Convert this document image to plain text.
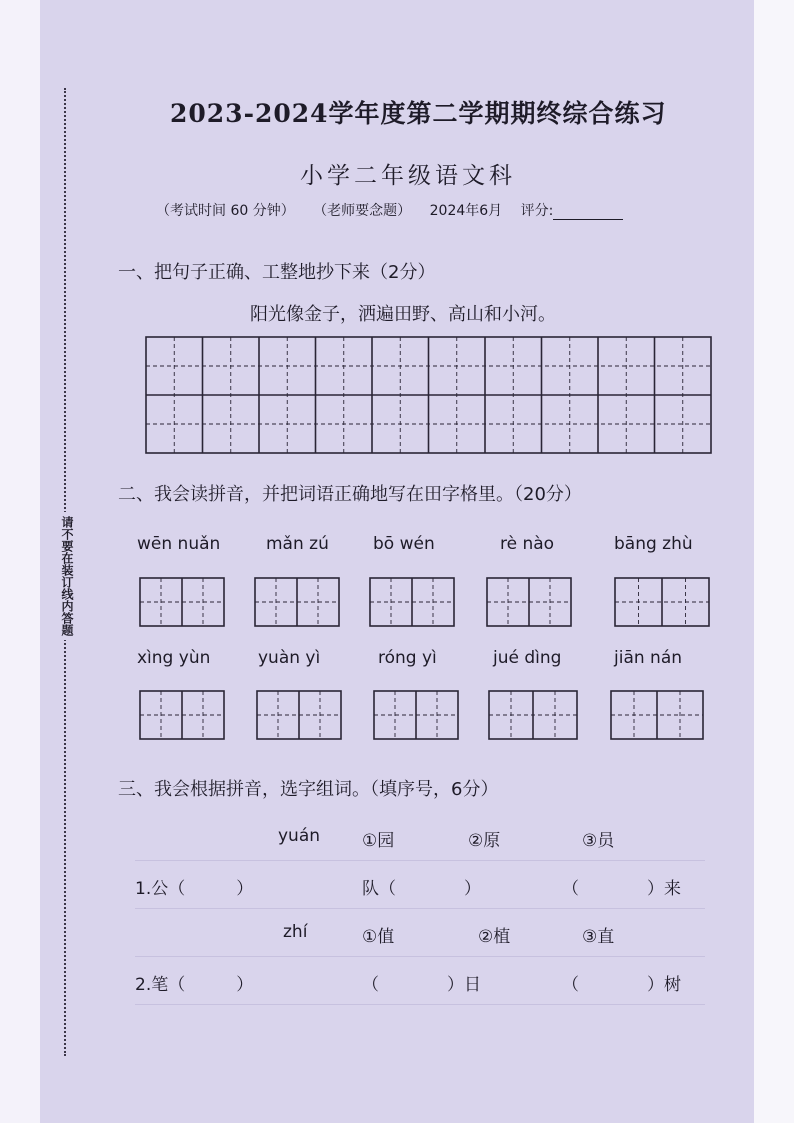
请不要在装订线内答题
2023-2024学年度第二学期期终综合练习
小学二年级语文科
（考试时间 60 分钟） （老师要念题） 2024年6月 评分:
一、把句子正确、工整地抄下来（2分）
阳光像金子，洒遍田野、高山和小河。
二、我会读拼音，并把词语正确地写在田字格里。（20分）
wēn nuǎn	mǎn zú	bō wén	rè nào	bāng zhù
xìng yùn	yuàn yì	róng yì	jué dìng	jiān nán
三、我会根据拼音，选字组词。（填序号，6分）
yuán ①园	②原	③员
1.公（　　　）	队（　　　　）	（　　　　）来
zhí	①值	②植	③直
2.笔（　　　）	（　　　　）日	（　　　　）树
